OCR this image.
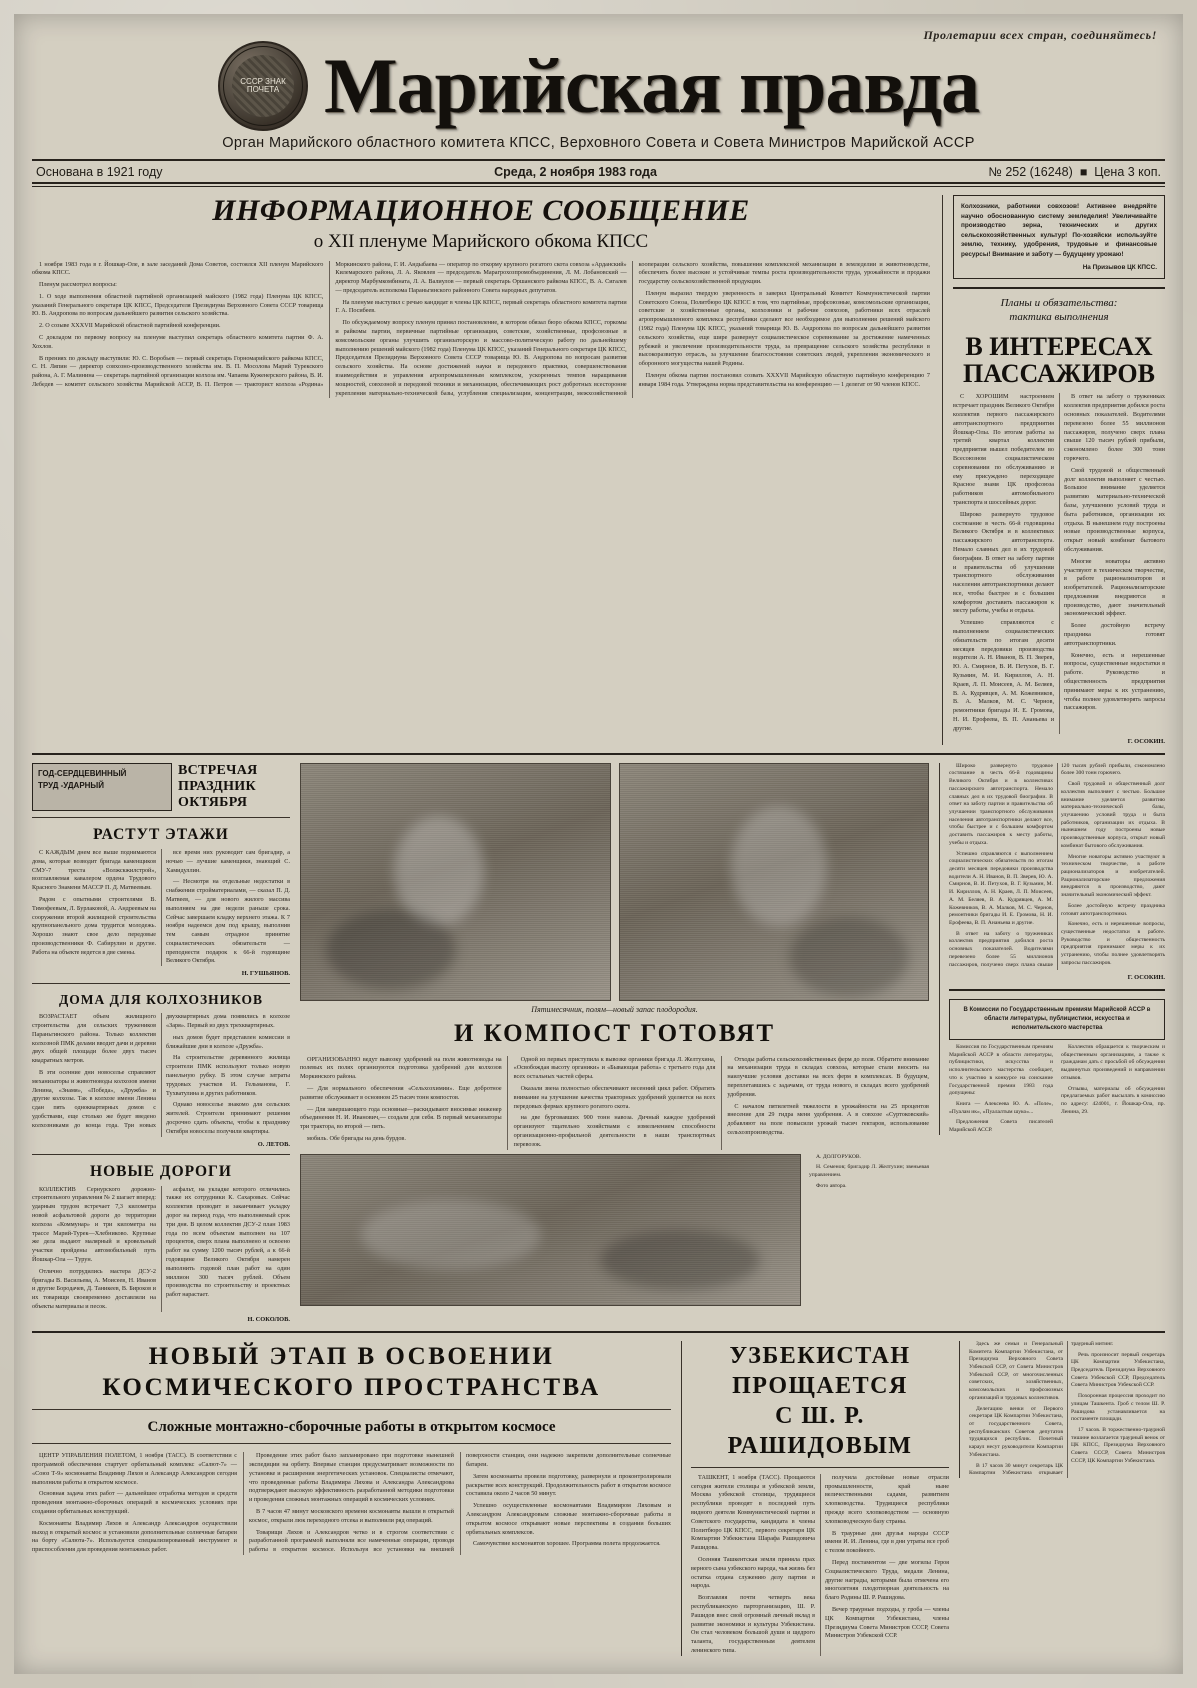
Пролетарии всех стран, соединяйтесь!
СССР ЗНАК ПОЧЕТА Марийская правда
Орган Марийского областного комитета КПСС, Верховного Совета и Совета Министров Марийской АССР
Основана в 1921 году	Среда, 2 ноября 1983 года	№ 252 (16248)  ■  Цена 3 коп.
ИНФОРМАЦИОННОЕ СООБЩЕНИЕ
о XII пленуме Марийского обкома КПСС

1 ноября 1983 года в г. Йошкар-Оле, в зале заседаний Дома Советов, состоялся XII пленум Марийского обкома КПСС.

Пленум рассмотрел вопросы:

1. О ходе выполнения областной партийной организацией майского (1982 года) Пленума ЦК КПСС, указаний Генерального секретаря ЦК КПСС, Председателя Президиума Верховного Совета СССР товарища Ю. В. Андропова по вопросам дальнейшего развития сельского хозяйства.

2. О созыве XXXVII Марийской областной партийной конференции.

С докладом по первому вопросу на пленуме выступил секретарь областного комитета партии Ф. А. Хохлов.

В прениях по докладу выступили: Ю. С. Воробьев — первый секретарь Горномарийского райкома КПСС, С. Н. Ляпин — директор совхозно-производственного хозяйства им. В. П. Мосолова Марий Турекского района, А. Г. Малинина — секретарь партийной организации колхоза им. Чапаева Куженерского района, В. И. Лебедев — комитет сельского хозяйства Марийской АССР, В. П. Петров — тракторист колхоза «Родина» Моркинского района, Г. И. Андыбаева — оператор по откорму крупного рогатого скота совхоза «Арданский» Килемарского района, Л. А. Яковлев — председатель Марагрохозпромобъединения, Л. М. Лобановский — директор Марбумкомбината, Л. А. Валиулов — первый секретарь Оршанского райкома КПСС, В. А. Сигалев — председатель исполкома Параньгинского районного Совета народных депутатов.

На пленуме выступил с речью кандидат в члены ЦК КПСС, первый секретарь областного комитета партии Г. А. Посибеев.

По обсуждаемому вопросу пленум принял постановление, в котором обязал бюро обкома КПСС, горкомы и райкомы партии, первичные партийные организации, советские, хозяйственные, профсоюзные и комсомольские органы улучшить организаторскую и массово-политическую работу по дальнейшему выполнению решений майского (1982 года) Пленума ЦК КПСС, указаний Генерального секретаря ЦК КПСС, Председателя Президиума Верховного Совета СССР товарища Ю. В. Андропова по вопросам развития сельского хозяйства. На основе достижений науки и передового практики, совершенствования взаимодействия и управления агропромышленным комплексом, ускоренных темпов наращивания мощностей, совхозной и передовой техники и механизации, обеспечивающих рост добротных всесторонне укрепления материально-технической базы, углубления специализации, концентрации, межхозяйственной кооперации сельского хозяйства, повышения комплексной механизации в земледелии и животноводстве, обеспечить более высокие и устойчивые темпы роста производительности труда, урожайности и продажи государству сельскохозяйственной продукции.

Пленум выразил твердую уверенность в заверил Центральный Комитет Коммунистической партии Советского Союза, Политбюро ЦК КПСС в том, что партийные, профсоюзные, комсомольские организации, советские и хозяйственные органы, колхозники и рабочие совхозов, работники всех отраслей агропромышленного комплекса республики сделают все необходимое для выполнения решений майского (1982 года) Пленума ЦК КПСС, указаний товарища Ю. В. Андропова по вопросам дальнейшего развития сельского хозяйства, еще шире развернут социалистическое соревнование за достижение намеченных рубежей и увеличение производительности труда, за превращение сельского хозяйства республики в высокоразвитую отрасль, за улучшение благосостояния советских людей, укрепления экономического и оборонного могущества нашей Родины.

Пленум обкома партии постановил созвать XXXVII Марийскую областную партийную конференцию 7 января 1984 года. Утверждена норма представительства на конференцию — 1 делегат от 90 членов КПСС.

Колхозники, работники совхозов! Активнее внедряйте научно обоснованную систему земледелия! Увеличивайте производство зерна, технических и других сельскохозяйственных культур! По-хозяйски используйте землю, технику, удобрения, трудовые и финансовые ресурсы! Внимание и заботу — будущему урожаю!
На Призывов ЦК КПСС.
Планы и обязательства:
тактика выполнения
В ИНТЕРЕСАХ
ПАССАЖИРОВ

С ХОРОШИМ настроением встречает праздник Великого Октября коллектив первого пассажирского автотранспортного предприятия Йошкар-Олы. По итогам работы за третий квартал коллектив предприятия вышел победителем во Всесоюзном социалистическом соревновании по обслуживанию и ему присуждено переходящее Красное знамя ЦК профсоюза работников автомобильного транспорта и шоссейных дорог.

Широко развернуто трудовое состязание в честь 66-й годовщины Великого Октября и в коллективах пассажирского автотранспорта. Немало славных дел в их трудовой биографии. В ответ на заботу партии и правительства об улучшении транспортного обслуживания населения автотранспортники делают все, чтобы быстрее и с большим комфортом доставить пассажиров к месту работы, учебы и отдыха.

Успешно справляются с выполнением социалистических обязательств по итогам десяти месяцев передовики производства водители А. Н. Иванов, В. П. Зверев, Ю. А. Смирнов, В. И. Петухов, В. Г. Кузьмин, М. И. Кириллов, А. Н. Краев, Л. П. Моисеев, А. М. Беляев, В. А. Кудрявцев, А. М. Кожевников, В. А. Малков, М. С. Чернов, ремонтники бригады И. Е. Громова, Н. И. Ерофеева, В. П. Ананьева и другие.

В ответ на заботу о тружениках коллектив предприятия добился роста основных показателей. Водителями перевезено более 55 миллионов пассажиров, получено сверх плана свыше 120 тысяч рублей прибыли, сэкономлено более 300 тонн горючего.

Свой трудовой и общественный долг коллектив выполняет с честью. Большое внимание уделяется развитию материально-технической базы, улучшению условий труда и быта работников, организации их отдыха. В нынешнем году построены новые производственные корпуса, открыт новый комбинат бытового обслуживания.

Многие новаторы активно участвуют в техническом творчестве, в работе рационализаторов и изобретателей. Рационализаторские предложения внедряются в производство, дают значительный экономический эффект.

Более достойную встречу праздника готовят автотранспортники.

Конечно, есть и нерешенные вопросы, существенные недостатки в работе. Руководство и общественность предприятия принимают меры к их устранению, чтобы полнее удовлетворять запросы пассажиров.

Г. ОСОКИН.
ГОД-СЕРДЦЕВИННЫЙ
ТРУД -УДАРНЫЙ
ВСТРЕЧАЯ
ПРАЗДНИК
ОКТЯБРЯ
РАСТУТ ЭТАЖИ

С КАЖДЫМ днем все выше поднимаются дома, которые возводит бригада каменщиков СМУ-7 треста «Волжскжилстрой», возглавляемая кавалером ордена Трудового Красного Знамени МАССР П. Д. Матвеевым.

Рядом с опытными строителями В. Тимофеевым, Л. Бурлаковой, А. Андреевым на сооружении второй жилищной строительства крупнопанельного дома трудится молодежь. Хорошо знают свое дело передовые производственники Ф. Сабирулин и другие. Работа на объекте ведется в две смены.

все время них руководит сам бригадир, а ночью — лучшие каменщики, знающий С. Хамидуллин.

— Несмотря на отдельные недостатки в снабжении стройматериалами, — сказал П. Д. Матвеев, — для нового жилого массива выполняем на две недели раньше срока. Сейчас завершаем кладку верхнего этажа. К 7 ноября надеемся дом под крышу, выполнив тем самым отрадное принятие социалистических обязательств — преподнести подарок к 66-й годовщине Великого Октября.

Н. ГУШЬЯНОВ.
ДОМА ДЛЯ КОЛХОЗНИКОВ

ВОЗРАСТАЕТ объем жилищного строительства для сельских тружеников Параньгинского района. Только коллектив колхозной ПМК делами вводит дачи и деревни двух общей площади более двух тысяч квадратных метров.

В эти осенние дни новоселье справляют механизаторы и животноводы колхозов имени Ленина, «Знамя», «Победа», «Дружба» и другие колхозы. Так в колхозе имени Ленина сдан пять одноквартирных домов с удобствами, еще столько же будет введено колхозниками до конца года. Три новых двухквартирных дома появились в колхозе «Заря». Первый из двух трехквартирных.

ных домов будет представлен комиссии в ближайшие дни в колхозе «Дружба».

На строительстве деревянного жилища строители ПМК используют только новую панельную рубку. В этом случае затраты трудовых участков И. Гельманова, Г. Тухватулина и других работников.

Однако новоселье знакомо для сельских жителей. Строители принимают решения досрочно сдать объекты, чтобы к празднику Октября новоселы получили квартиры.

О. ЛЕТОВ.
НОВЫЕ ДОРОГИ

КОЛЛЕКТИВ Сернурского дорожно-строительного управления № 2 шагает вперед: ударным трудом встречает 7,3 километра новой асфальтовой дороги до территории колхоза «Коммунар» и три километра на трассе Марий-Турек—Хлебниково. Крупные же дела выдают малярный и кровельный участки пройдены автомобильный путь Йошкар-Ола — Турун.

Отлично потрудились мастера ДСУ-2 бригады В. Васильева, А. Моисеев, Н. Иванов и другие Бородачев, Д. Таникеев, В. Бироков и их товарищи своевременно доставляли на объекты материалы и песок.

асфальт, на укладке которого отличились также их сотрудники К. Сахаровых. Сейчас коллектив проводит и заканчивает укладку дорог на период года, что выполняемый срок три дня. В целом коллектив ДСУ-2 план 1983 года по всем объектам выполнен на 107 процентов, сверх плана выполнено и освоено работ на сумму 1200 тысяч рублей, а к 66-й годовщине Великого Октября намерен выполнить годовой план работ на один миллион 300 тысяч рублей. Объем производства по строительству и проектных работ нарастает.

Н. СОКОЛОВ.
Пятимесячник, полям—новый запас плодородия.
И КОМПОСТ ГОТОВЯТ

ОРГАНИЗОВАННО ведут вывозку удобрений на поля животноводы на полевых их полях организуются подготовка удобрений для колхозов Моркинского района.

— Для нормального обеспечения «Сельхозхимии». Еще добротное развитие обслуживает в основном 25 тысяч тонн компостов.

— Для завершающего года основные—раскидывают вносимые инженер объединения Н. И. Иванович,— создали для себя. В первый механизаторы три трактора, во второй — пять.

мобиль. Обе бригады на день бурдов.

Одной из первых приступила к вывозке органики бригада Л. Желтухина, «Освобождая высоту органики» и «Бывающая работа» с третьего года для всех остальных частей сферы.

Оказали звена полностью обеспечивают весенний цикл работ. Обратить внимание на улучшение качества тракторных удобрений уделяется на всех передовых фермах крупного рогатого скота.

на две бурговавших 900 тонн навоза. Дичный каждое удобрений организуют тщательно хозяйствами с измельчением способности организационно-профильной деятельности в наши транспортных перевозок.

Отходы работы сельскохозяйственных ферм до поля. Обратите внимание на механизации труда в складах совхоза, которые стали вносить на наилучшие условия доставки на всех ферм в комплексах. В будущем, переплетавшись с задачами, от труда нового, в складах всего удобрений удобрения.

С началом пятилетней тяжелости в урожайности на 25 процентов внесение для 29 гидра меня удобрения. А в совхозе «Суртоковский» добавляют на поле повысили урожай тысяч гектаров, использование сельхозпроизводства.

А. ДОЛГОРУКОВ.

Н. Семенов; бригадир Л. Желтухин; звеньевая управлением.

Фото автора.

Широко развернуто трудовое состязание в честь 66-й годовщины Великого Октября и в коллективах пассажирского автотранспорта. Немало славных дел в их трудовой биографии. В ответ на заботу партии и правительства об улучшении транспортного обслуживания населения автотранспортники делают все, чтобы быстрее и с большим комфортом доставить пассажиров к месту работы, учебы и отдыха.

Успешно справляются с выполнением социалистических обязательств по итогам десяти месяцев передовики производства водители А. Н. Иванов, В. П. Зверев, Ю. А. Смирнов, В. И. Петухов, В. Г. Кузьмин, М. И. Кириллов, А. Н. Краев, Л. П. Моисеев, А. М. Беляев, В. А. Кудрявцев, А. М. Кожевников, В. А. Малков, М. С. Чернов, ремонтники бригады И. Е. Громова, Н. И. Ерофеева, В. П. Ананьева и другие.

В ответ на заботу о тружениках коллектив предприятия добился роста основных показателей. Водителями перевезено более 55 миллионов пассажиров, получено сверх плана свыше 120 тысяч рублей прибыли, сэкономлено более 300 тонн горючего.

Свой трудовой и общественный долг коллектив выполняет с честью. Большое внимание уделяется развитию материально-технической базы, улучшению условий труда и быта работников, организации их отдыха. В нынешнем году построены новые производственные корпуса, открыт новый комбинат бытового обслуживания.

Многие новаторы активно участвуют в техническом творчестве, в работе рационализаторов и изобретателей. Рационализаторские предложения внедряются в производство, дают значительный экономический эффект.

Более достойную встречу праздника готовят автотранспортники.

Конечно, есть и нерешенные вопросы, существенные недостатки в работе. Руководство и общественность предприятия принимают меры к их устранению, чтобы полнее удовлетворять запросы пассажиров.

Г. ОСОКИН.
В Комиссии по Государственным премиям Марийской АССР в области литературы, публицистики, искусства и исполнительского мастерства

Комиссия по Государственным премиям Марийской АССР в области литературы, публицистики, искусства и исполнительского мастерства сообщает, что к участию в конкурсе на соискание Государственной премии 1983 года допущены:

Книга — Алексеева Ю. А. «Поле», «Пуалам ик», «Пуалалтым шуко»...

Предложения Совета писателей Марийской АССР.

Коллектив обращается к творческим и общественным организациям, а также к гражданам дать с просьбой об обсуждении выдвинутых произведений и направлении отзывов.

Отзывы, материалы об обсуждении предлагаемых работ высылать в комиссию по адресу: 424001, г. Йошкар-Ола, пр. Ленина, 29.

НОВЫЙ ЭТАП В ОСВОЕНИИ
КОСМИЧЕСКОГО ПРОСТРАНСТВА
Сложные монтажно-сборочные работы в открытом космосе

ЦЕНТР УПРАВЛЕНИЯ ПОЛЕТОМ, 1 ноября (ТАСС). В соответствии с программой обеспечения стартует орбитальный комплекс «Салют-7» — «Союз Т-9» космонавты Владимир Ляхов и Александр Александров сегодня выполнили работы в открытом космосе.

Основная задача этих работ — дальнейшее отработка методов и средств проведения монтажно-сборочных операций в космических условиях при создании орбитальных конструкций.

Космонавты Владимир Ляхов и Александр Александров осуществили выход в открытый космос и установили дополнительные солнечные батареи на борту «Салюта-7». Используется специализированный инструмент и приспособления для проведения монтажных работ.

Проведение этих работ было запланировано при подготовке нынешней экспедиции на орбиту. Впервые станция предусматривает возможности по установке и расширения энергетических установок. Специалисты отмечают, что проведенные работы Владимира Ляхова и Александра Александрова подтверждают высокую эффективность разработанной методики подготовки и проведения сложных монтажных операций в космических условиях.

В 7 часов 47 минут московского времени космонавты вышли в открытый космос, открыли люк переходного отсека и выполнили ряд операций.

Товарищи Ляхов и Александров четко и в строгом соответствии с разработанной программой выполняли все намеченные операции, проводя работы в открытом космосе. Используя все установки на внешней поверхности станции, они надежно закрепили дополнительные солнечные батареи.

Затем космонавты провели подготовку, развернули и проконтролировали раскрытие всех конструкций. Продолжительность работ в открытом космосе составила около 2 часов 50 минут.

Успешно осуществленные космонавтами Владимиром Ляховым и Александром Александровым сложные монтажно-сборочные работы в открытом космосе открывают новые перспективы в создании больших орбитальных комплексов.

Самочувствие космонавтов хорошее. Программа полета продолжается.

УЗБЕКИСТАН ПРОЩАЕТСЯ
С Ш. Р. РАШИДОВЫМ

ТАШКЕНТ, 1 ноября (ТАСС). Прощаются сегодня жители столицы и узбекской земли, Москва узбекской столицы, трудящиеся республики проводят в последний путь видного деятеля Коммунистической партии и Советского государства, кандидата в члены Политбюро ЦК КПСС, первого секретаря ЦК Компартии Узбекистана Шарафа Рашидовича Рашидова.

Осенняя Ташкентская земля приняла прах верного сына узбекского народа, чья жизнь без остатка отдана служению делу партии и народа.

Возглавляя почти четверть века республиканскую парторганизацию, Ш. Р. Рашидов внес свой огромный личный вклад в развитие экономики и культуры Узбекистана. Он стал человеком большой души и щедрого таланта, государственным деятелем ленинского типа.

получила достойные новые отрасли промышленности, край ныне величественными садами, развитием хлопководства. Трудящиеся республики прежде всего хлопководством — основную хлопководческую базу страны.

В траурные дни друзья народы СССР имени И. И. Ленина, где в дни утраты все гроб с телом покойного.

Перед постаментом — две могилы Героя Социалистического Труда, медали Ленина, другие награды, которыми была отмечена его многолетняя плодотворная деятельность на благо Родины Ш. Р. Рашидова.

Вечер траурные подходы, у гроба — члены ЦК Компартии Узбекистана, члены Президиума Совета Министров СССР, Совета Министров Узбекской ССР.

Здесь же семьи и Генеральный Комитета Компартии Узбекистана, от Президиума Верховного Совета Узбекской ССР, от Совета Министров Узбекской ССР, от многочисленных советских, хозяйственных, комсомольских и профсоюзных организаций и трудовых коллективов.

Делегацию венки от Первого секретаря ЦК Компартии Узбекистана, от государственного Совета, республиканских Советов депутатов трудящихся республик. Почетный караул несут руководители Компартии Узбекистана.

В 17 часов 30 минут секретарь ЦК Компартии Узбекистана открывает траурный митинг.

Речь произносит первый секретарь ЦК Компартии Узбекистана, Председатель Президиума Верховного Совета Узбекской ССР, Председатель Совета Министров Узбекской ССР.

Похоронная процессия проходит по улицам Ташкента. Гроб с телом Ш. Р. Рашидова устанавливается на постаменте площади.

17 часов. В торжественно-траурной тишине возлагается траурный венок от ЦК КПСС, Президиума Верховного Совета СССР, Совета Министров СССР, ЦК Компартии Узбекистана.
